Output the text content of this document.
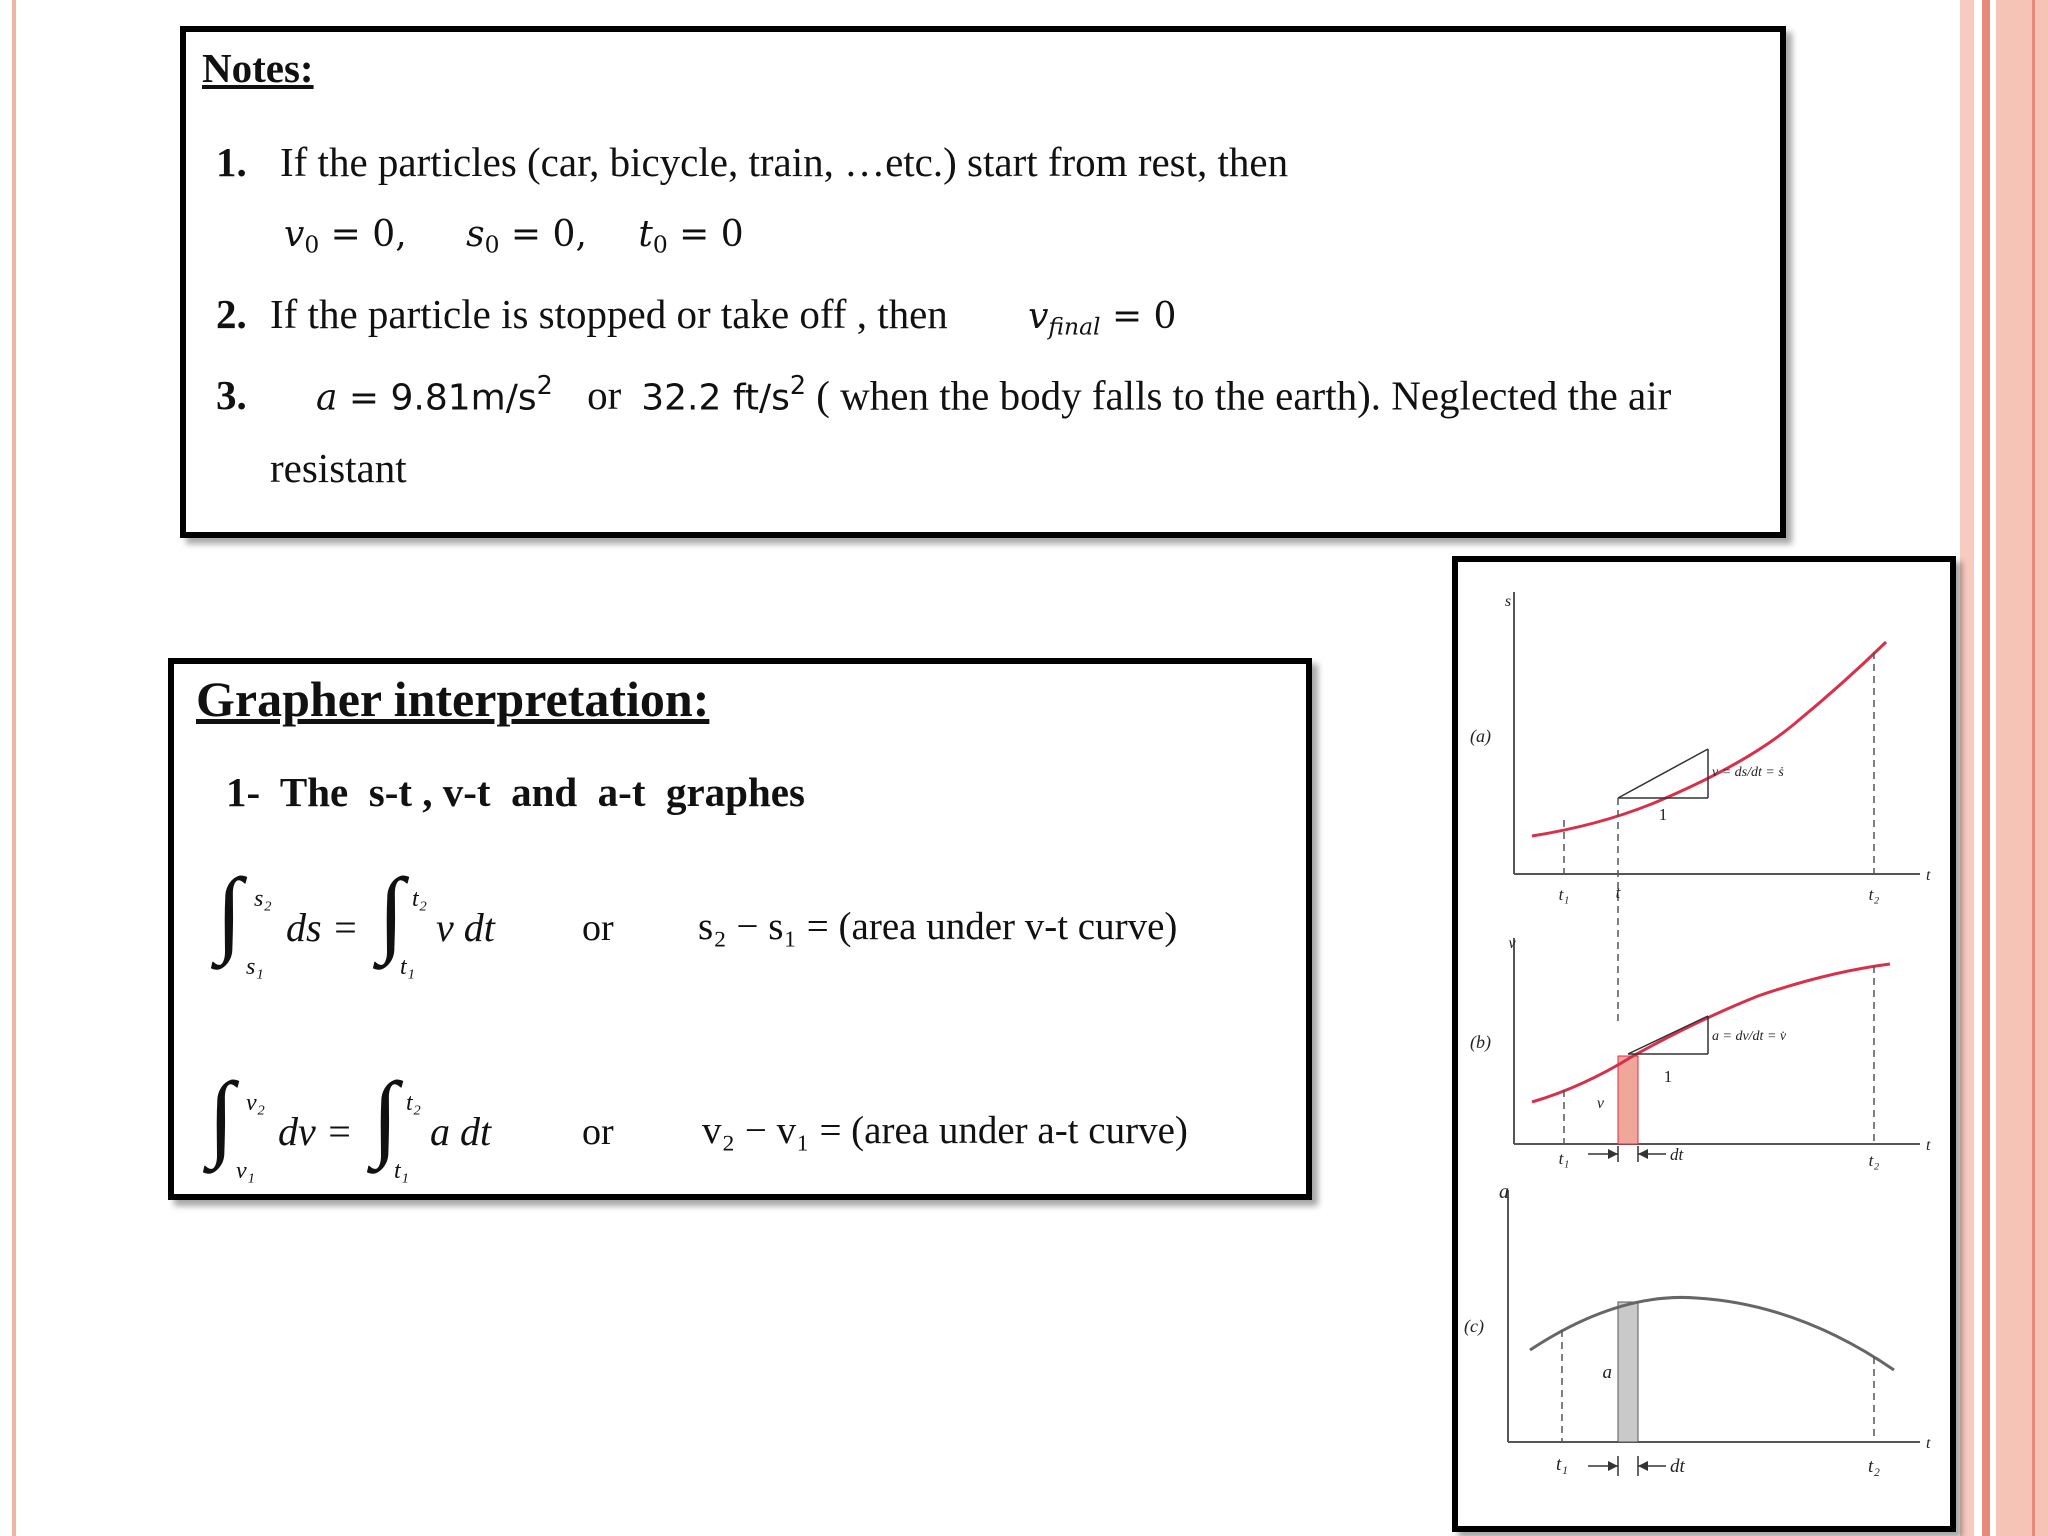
Notes:
1. If the particles (car, bicycle, train, …etc.) start from rest, then
$v_0 = 0$, $s_0 = 0$, $t_0 = 0$
2. If the particle is stopped or take off , then $v_{final} = 0$
3. $a = 9.81m/s^2$ or 32.2 $ft/s^2$ ( when the body falls to the earth). Neglected the air
resistant
Grapher interpretation:
1-  The  s-t , v-t  and  a-t  graphes
∫ s₂
s₁
ds = ∫ t₂
t₁
v dt or s₂ − s₁ = (area under v-t curve)
∫ v₂
v₁
dv = ∫ t₂
t₁
a dt or v₂ − v₁ = (area under a-t curve)
s
t
(a)
t₁	t	t₂
1
v = ds/dt = ṡ
v
t
(b)
t₁	t₂
1
a = dv/dt = v̇
v
dt
a
t
(c)
t₁	t₂
a
dt
